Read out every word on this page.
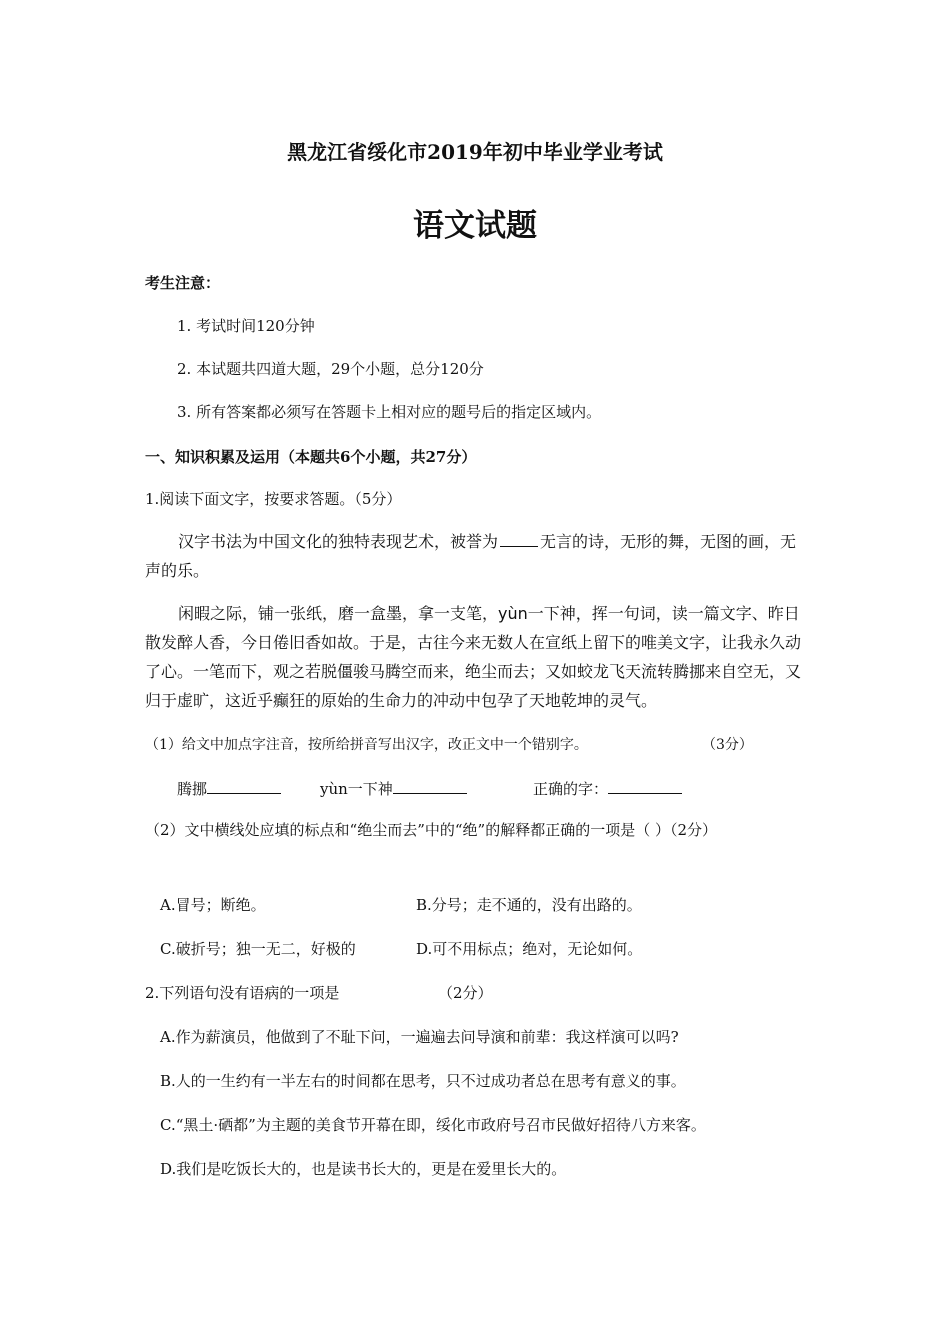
黑龙江省绥化市2019年初中毕业学业考试
语文试题
考生注意：
1. 考试时间120分钟
2. 本试题共四道大题，29个小题，总分120分
3. 所有答案都必须写在答题卡上相对应的题号后的指定区域内。
一、知识积累及运用（本题共6个小题，共27分）
1.阅读下面文字，按要求答题。（5分）
汉字书法为中国文化的独特表现艺术，被誉为	无言的诗，无形的舞，无图的画，无声的乐。
闲暇之际，铺一张纸，磨一盒墨，拿一支笔，yùn一下神，挥一句词，读一篇文字、昨日散发醉人香，今日倦旧香如故。于是，古往今来无数人在宣纸上留下的唯美文字，让我永久动了心。一笔而下，观之若脱僵骏马腾空而来，绝尘而去；又如蛟龙飞天流转腾挪来自空无，又归于虚旷，这近乎癫狂的原始的生命力的冲动中包孕了天地乾坤的灵气。
（1）给文中加点字注音，按所给拼音写出汉字，改正文中一个错别字。	（3分）
腾挪	yùn一下神	正确的字：
（2）文中横线处应填的标点和“绝尘而去”中的“绝”的解释都正确的一项是（ ）（2分）
A.冒号；断绝。	B.分号；走不通的，没有出路的。
C.破折号；独一无二，好极的	D.可不用标点；绝对，无论如何。
2.下列语句没有语病的一项是	（2分）
A.作为薪演员，他做到了不耻下问，一遍遍去问导演和前辈：我这样演可以吗?
B.人的一生约有一半左右的时间都在思考，只不过成功者总在思考有意义的事。
C.“黑土·硒都”为主题的美食节开幕在即，绥化市政府号召市民做好招待八方来客。
D.我们是吃饭长大的，也是读书长大的，更是在爱里长大的。
